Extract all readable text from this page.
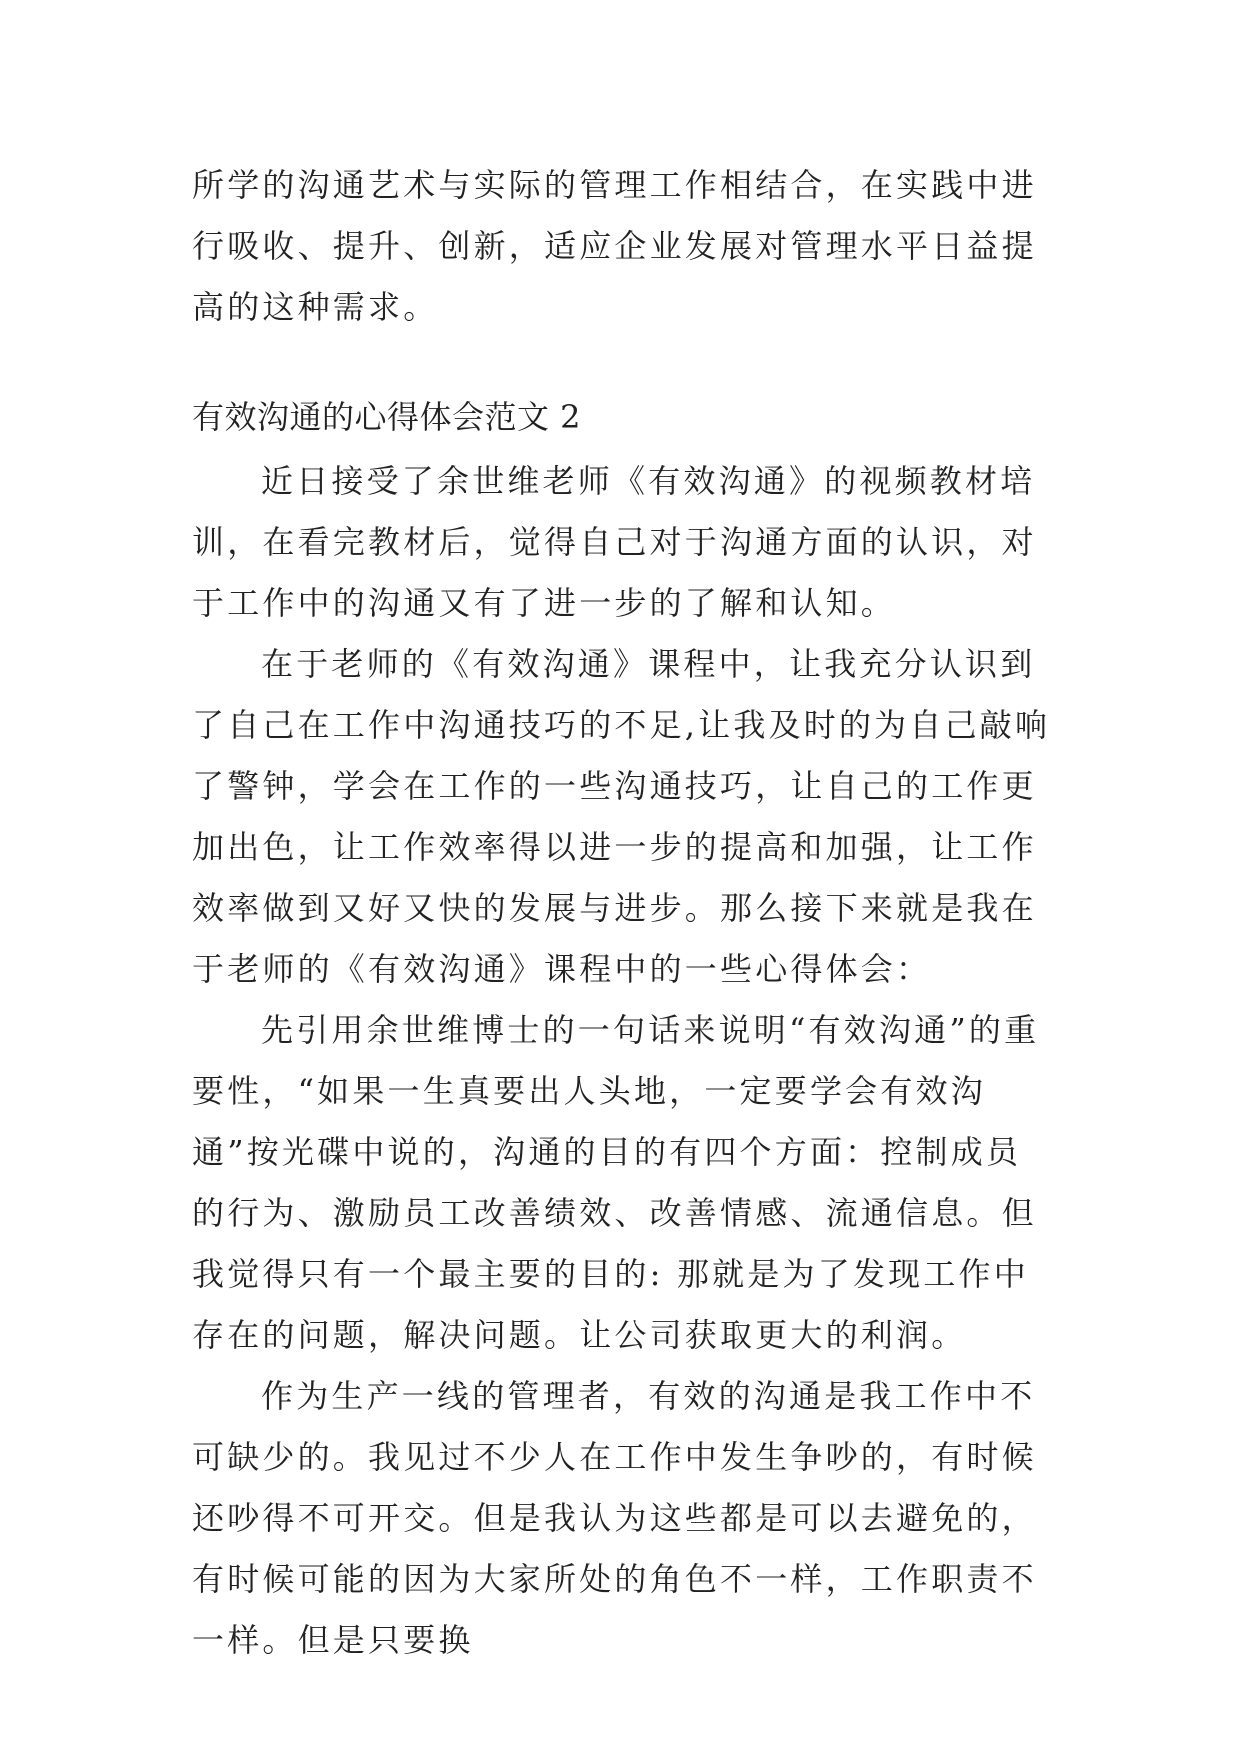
所学的沟通艺术与实际的管理工作相结合，在实践中进行吸收、提升、创新，适应企业发展对管理水平日益提高的这种需求。

有效沟通的心得体会范文 2

近日接受了余世维老师《有效沟通》的视频教材培训，在看完教材后，觉得自己对于沟通方面的认识，对于工作中的沟通又有了进一步的了解和认知。

在于老师的《有效沟通》课程中，让我充分认识到了自己在工作中沟通技巧的不足,让我及时的为自己敲响了警钟，学会在工作的一些沟通技巧，让自己的工作更加出色，让工作效率得以进一步的提高和加强，让工作效率做到又好又快的发展与进步。那么接下来就是我在于老师的《有效沟通》课程中的一些心得体会：

先引用余世维博士的一句话来说明“有效沟通”的重要性，“如果一生真要出人头地，一定要学会有效沟通”按光碟中说的，沟通的目的有四个方面：控制成员的行为、激励员工改善绩效、改善情感、流通信息。但我觉得只有一个最主要的目的: 那就是为了发现工作中存在的问题，解决问题。让公司获取更大的利润。

作为生产一线的管理者，有效的沟通是我工作中不可缺少的。我见过不少人在工作中发生争吵的，有时候还吵得不可开交。但是我认为这些都是可以去避免的，有时候可能的因为大家所处的角色不一样，工作职责不一样。但是只要换
